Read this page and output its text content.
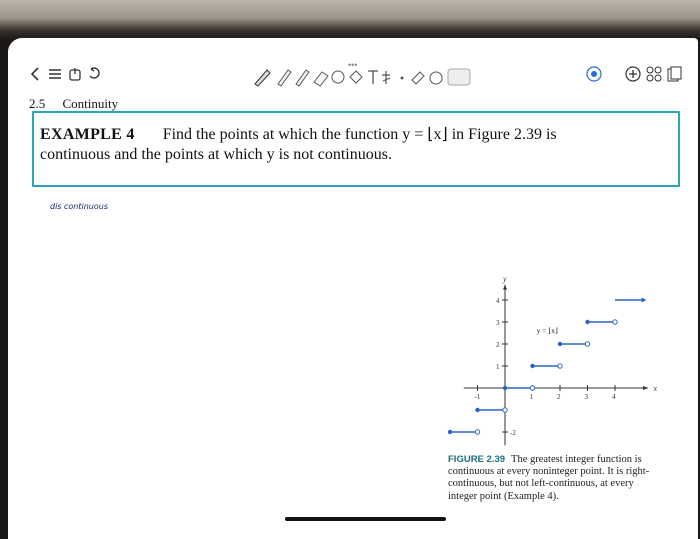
•••
2.5 Continuity
EXAMPLE 4 Find the points at which the function y = ⌊x⌋ in Figure 2.39 is
continuous and the points at which y is not continuous.
dis continuous
x
y
-1	1	2	3	4
4
3
2
1
-2
y = ⌊x⌋
FIGURE 2.39 The greatest integer function is continuous at every noninteger point. It is right-continuous, but not left-continuous, at every integer point (Example 4).
